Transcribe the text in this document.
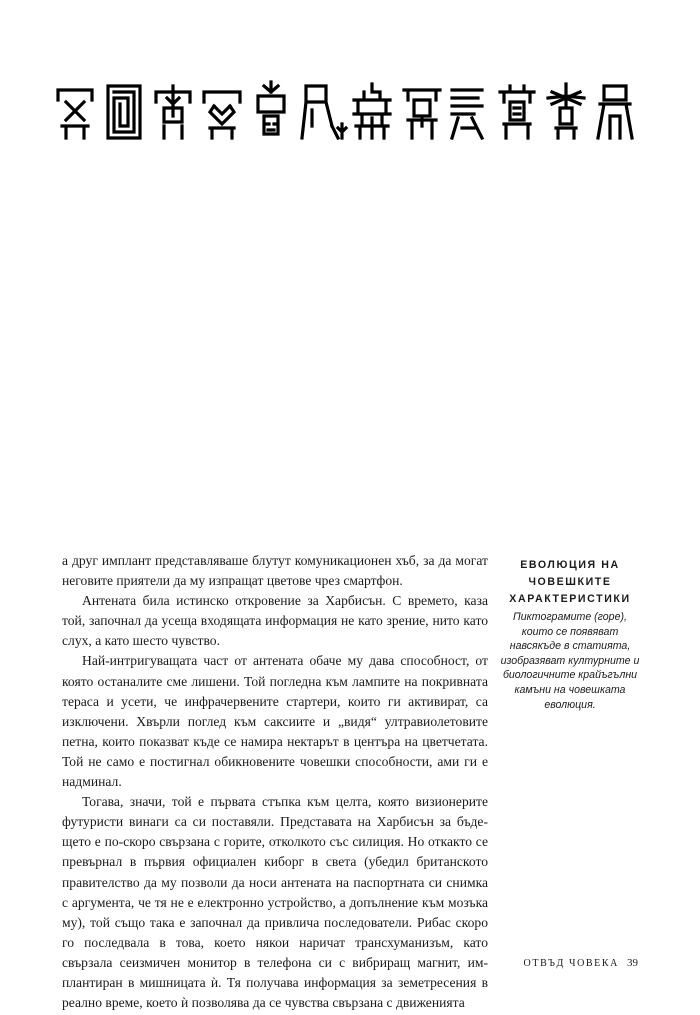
а друг имплант представляваше блутут комуникационен хъб, за да могат неговите приятели да му изпращат цветове чрез смартфон.

Антената била истинско откровение за Харбисън. С времето, каза той, започнал да усеща входящата информация не като зрение, нито като слух, а като шесто чувство.

Най-интригуващата част от антената обаче му дава способност, от която останалите сме лишени. Той погледна към лампите на покривната тераса и усети, че инфрачервените стартери, които ги активират, са изключени. Хвърли поглед към саксиите и „видя“ ултравиолетовите петна, които показват къде се намира нектарът в центъра на цветчетата. Той не само е постигнал обикновените човешки способности, ами ги е надминал.

Тогава, значи, той е първата стъпка към целта, която визионерите футуристи винаги са си поставяли. Представата на Харбисън за бъдещето е по-скоро свързана с горите, отколкото със силиция. Но откакто се превърнал в първия официален киборг в света (убедил британското правителство да му позволи да носи антената на паспортната си снимка с аргумента, че тя не е електронно устройство, а допълнение към мозъка му), той също така е започнал да привлича последователи. Рибас скоро го последвала в това, което някои наричат трансхуманизъм, като свързала сеизмичен монитор в телефона си с вибриращ магнит, имплантиран в мишницата ѝ. Тя получава информация за земетресения в реално време, което ѝ позволява да се чувства свързана с движенията

ЕВОЛЮЦИЯ НА ЧОВЕШКИТЕ ХАРАКТЕРИСТИКИ
Пиктограмите (горе), които се появяват навсякъде в статията, изобразяват културните и биологичните крайъгълни камъни на човешката еволюция.
ОТВЪД ЧОВЕКА 39
